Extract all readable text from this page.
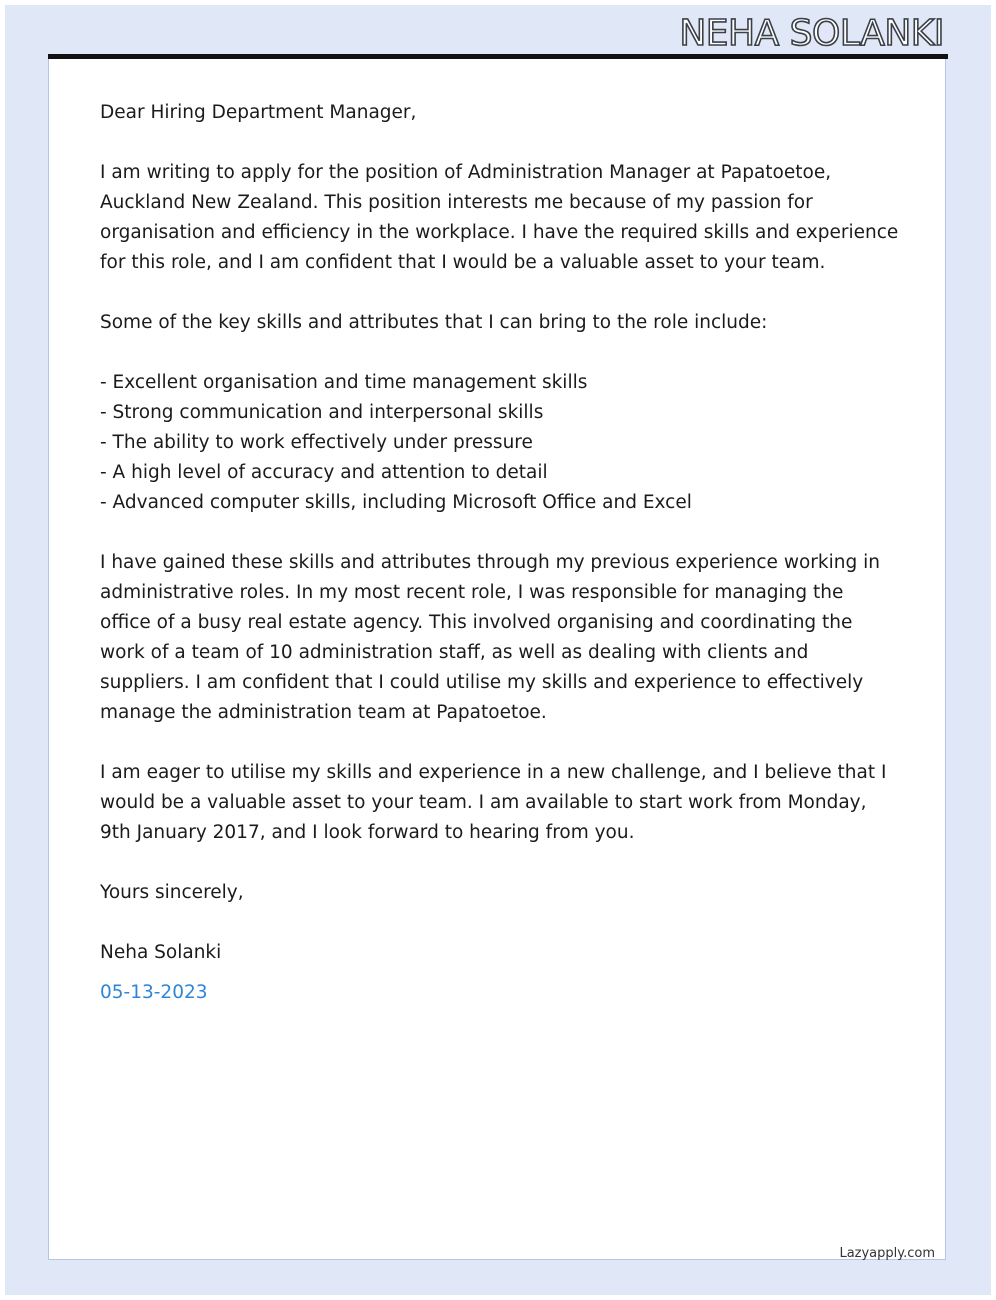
NEHA SOLANKI

Dear Hiring Department Manager,

I am writing to apply for the position of Administration Manager at Papatoetoe, Auckland New Zealand. This position interests me because of my passion for organisation and efficiency in the workplace. I have the required skills and experience for this role, and I am confident that I would be a valuable asset to your team.

Some of the key skills and attributes that I can bring to the role include:

- Excellent organisation and time management skills
- Strong communication and interpersonal skills
- The ability to work effectively under pressure
- A high level of accuracy and attention to detail
- Advanced computer skills, including Microsoft Office and Excel

I have gained these skills and attributes through my previous experience working in administrative roles. In my most recent role, I was responsible for managing the office of a busy real estate agency. This involved organising and coordinating the work of a team of 10 administration staff, as well as dealing with clients and suppliers. I am confident that I could utilise my skills and experience to effectively manage the administration team at Papatoetoe.

I am eager to utilise my skills and experience in a new challenge, and I believe that I would be a valuable asset to your team. I am available to start work from Monday, 9th January 2017, and I look forward to hearing from you.

Yours sincerely,

Neha Solanki

05-13-2023

Lazyapply.com
